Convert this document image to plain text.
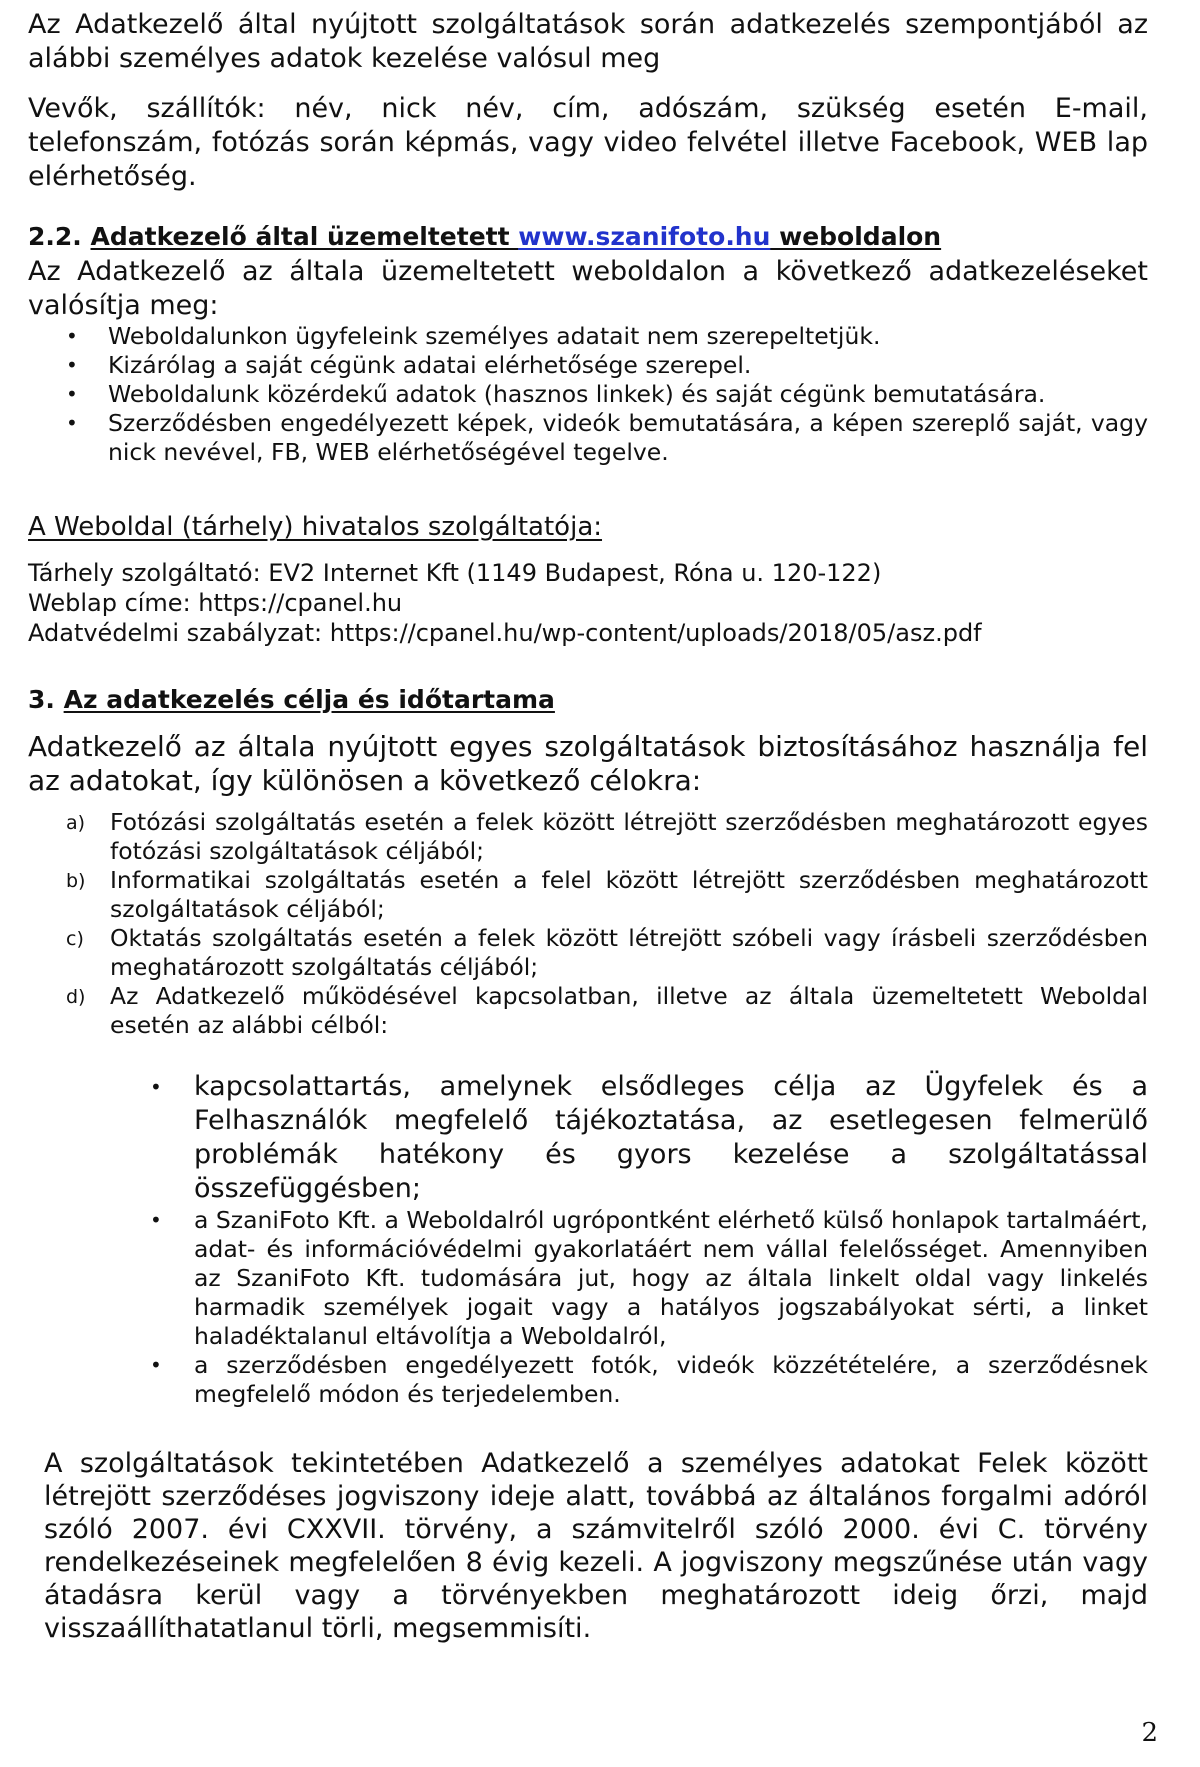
Az Adatkezelő által nyújtott szolgáltatások során adatkezelés szempontjából az alábbi személyes adatok kezelése valósul meg

Vevők, szállítók: név, nick név, cím, adószám, szükség esetén E-mail, telefonszám, fotózás során képmás, vagy video felvétel illetve Facebook, WEB lap elérhetőség.

2.2. Adatkezelő által üzemeltetett www.szanifoto.hu weboldalon

Az Adatkezelő az általa üzemeltetett weboldalon a következő adatkezeléseket valósítja meg:

• Weboldalunkon ügyfeleink személyes adatait nem szerepeltetjük.
• Kizárólag a saját cégünk adatai elérhetősége szerepel.
• Weboldalunk közérdekű adatok (hasznos linkek) és saját cégünk bemutatására.
• Szerződésben engedélyezett képek, videók bemutatására, a képen szereplő saját, vagy nick nevével, FB, WEB elérhetőségével tegelve.
A Weboldal (tárhely) hivatalos szolgáltatója:
Tárhely szolgáltató: EV2 Internet Kft (1149 Budapest, Róna u. 120-122)
Weblap címe: https://cpanel.hu
Adatvédelmi szabályzat: https://cpanel.hu/wp-content/uploads/2018/05/asz.pdf
3. Az adatkezelés célja és időtartama

Adatkezelő az általa nyújtott egyes szolgáltatások biztosításához használja fel az adatokat, így különösen a következő célokra:

a) Fotózási szolgáltatás esetén a felek között létrejött szerződésben meghatározott egyes fotózási szolgáltatások céljából;
b) Informatikai szolgáltatás esetén a felel között létrejött szerződésben meghatározott szolgáltatások céljából;
c) Oktatás szolgáltatás esetén a felek között létrejött szóbeli vagy írásbeli szerződésben meghatározott szolgáltatás céljából;
d) Az Adatkezelő működésével kapcsolatban, illetve az általa üzemeltetett Weboldal esetén az alábbi célból:
• kapcsolattartás, amelynek elsődleges célja az Ügyfelek és a Felhasználók megfelelő tájékoztatása, az esetlegesen felmerülő problémák hatékony és gyors kezelése a szolgáltatással összefüggésben;
• a SzaniFoto Kft. a Weboldalról ugrópontként elérhető külső honlapok tartalmáért, adat- és információvédelmi gyakorlatáért nem vállal felelősséget. Amennyiben az SzaniFoto Kft. tudomására jut, hogy az általa linkelt oldal vagy linkelés harmadik személyek jogait vagy a hatályos jogszabályokat sérti, a linket haladéktalanul eltávolítja a Weboldalról,
• a szerződésben engedélyezett fotók, videók közzétételére, a szerződésnek megfelelő módon és terjedelemben.

A szolgáltatások tekintetében Adatkezelő a személyes adatokat Felek között létrejött szerződéses jogviszony ideje alatt, továbbá az általános forgalmi adóról szóló 2007. évi CXXVII. törvény, a számvitelről szóló 2000. évi C. törvény rendelkezéseinek megfelelően 8 évig kezeli. A jogviszony megszűnése után vagy átadásra kerül vagy a törvényekben meghatározott ideig őrzi, majd visszaállíthatatlanul törli, megsemmisíti.

2
